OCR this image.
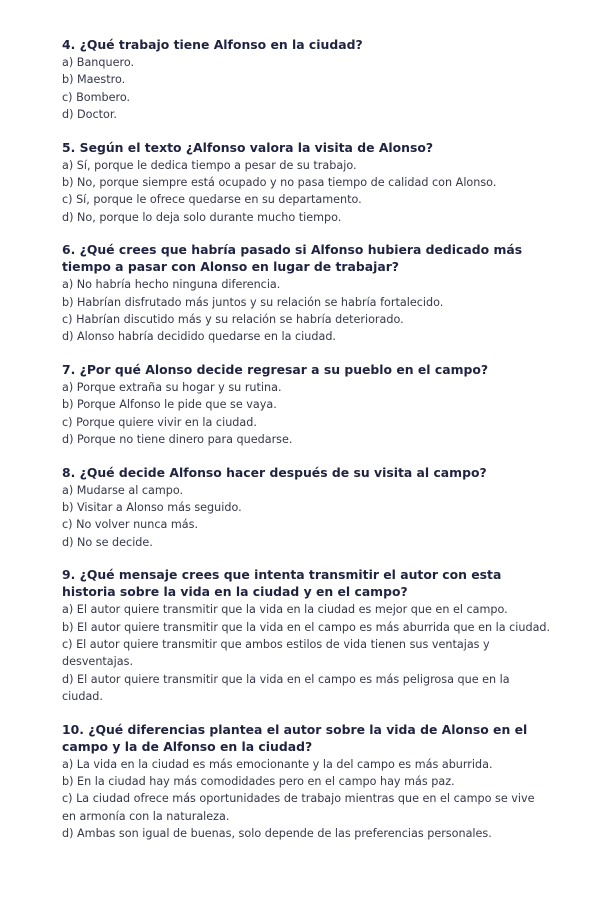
4. ¿Qué trabajo tiene Alfonso en la ciudad?

a) Banquero.

b) Maestro.

c) Bombero.

d) Doctor.

5. Según el texto ¿Alfonso valora la visita de Alonso?

a) Sí, porque le dedica tiempo a pesar de su trabajo.

b) No, porque siempre está ocupado y no pasa tiempo de calidad con Alonso.

c) Sí, porque le ofrece quedarse en su departamento.

d) No, porque lo deja solo durante mucho tiempo.

6. ¿Qué crees que habría pasado si Alfonso hubiera dedicado más tiempo a pasar con Alonso en lugar de trabajar?

a) No habría hecho ninguna diferencia.

b) Habrían disfrutado más juntos y su relación se habría fortalecido.

c) Habrían discutido más y su relación se habría deteriorado.

d) Alonso habría decidido quedarse en la ciudad.

7. ¿Por qué Alonso decide regresar a su pueblo en el campo?

a) Porque extraña su hogar y su rutina.

b) Porque Alfonso le pide que se vaya.

c) Porque quiere vivir en la ciudad.

d) Porque no tiene dinero para quedarse.

8. ¿Qué decide Alfonso hacer después de su visita al campo?

a) Mudarse al campo.

b) Visitar a Alonso más seguido.

c) No volver nunca más.

d) No se decide.

9. ¿Qué mensaje crees que intenta transmitir el autor con esta historia sobre la vida en la ciudad y en el campo?

a) El autor quiere transmitir que la vida en la ciudad es mejor que en el campo.

b) El autor quiere transmitir que la vida en el campo es más aburrida que en la ciudad.

c) El autor quiere transmitir que ambos estilos de vida tienen sus ventajas y desventajas.

d) El autor quiere transmitir que la vida en el campo es más peligrosa que en la ciudad.

10. ¿Qué diferencias plantea el autor sobre la vida de Alonso en el campo y la de Alfonso en la ciudad?

a) La vida en la ciudad es más emocionante y la del campo es más aburrida.

b) En la ciudad hay más comodidades pero en el campo hay más paz.

c) La ciudad ofrece más oportunidades de trabajo mientras que en el campo se vive en armonía con la naturaleza.

d) Ambas son igual de buenas, solo depende de las preferencias personales.
